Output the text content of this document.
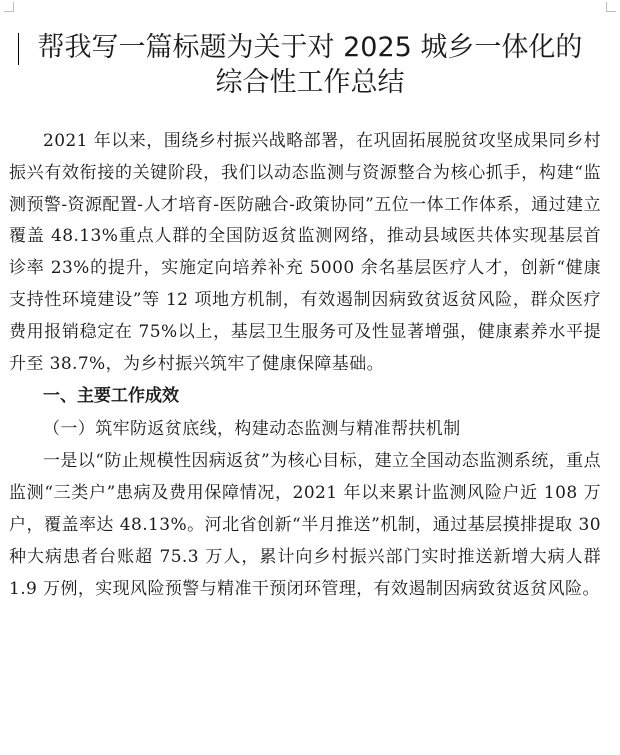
帮我写一篇标题为关于对 2025 城乡一体化的
综合性工作总结

2021 年以来，围绕乡村振兴战略部署，在巩固拓展脱贫攻坚成果同乡村振兴有效衔接的关键阶段，我们以动态监测与资源整合为核心抓手，构建“监测预警-资源配置-人才培育-医防融合-政策协同”五位一体工作体系，通过建立覆盖 48.13%重点人群的全国防返贫监测网络，推动县域医共体实现基层首诊率 23%的提升，实施定向培养补充 5000 余名基层医疗人才，创新“健康支持性环境建设”等 12 项地方机制，有效遏制因病致贫返贫风险，群众医疗费用报销稳定在 75%以上，基层卫生服务可及性显著增强，健康素养水平提升至 38.7%，为乡村振兴筑牢了健康保障基础。

一、主要工作成效

（一）筑牢防返贫底线，构建动态监测与精准帮扶机制

一是以“防止规模性因病返贫”为核心目标，建立全国动态监测系统，重点监测“三类户”患病及费用保障情况，2021 年以来累计监测风险户近 108 万户，覆盖率达 48.13%。河北省创新“半月推送”机制，通过基层摸排提取 30 种大病患者台账超 75.3 万人，累计向乡村振兴部门实时推送新增大病人群 1.9 万例，实现风险预警与精准干预闭环管理，有效遏制因病致贫返贫风险。
